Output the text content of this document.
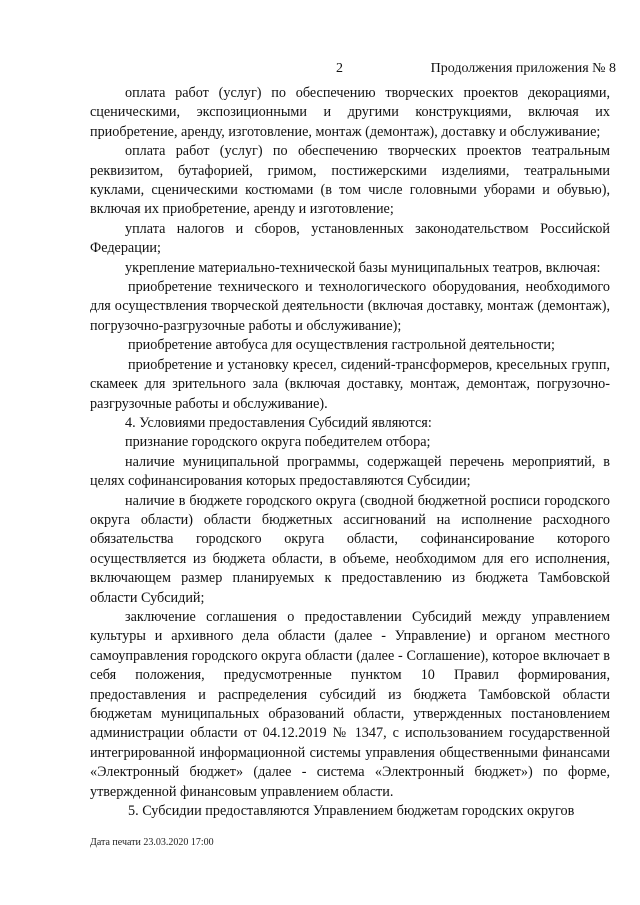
2	Продолжения приложения № 8

оплата работ (услуг) по обеспечению творческих проектов декорациями, сценическими, экспозиционными и другими конструкциями, включая их приобретение, аренду, изготовление, монтаж (демонтаж), доставку и обслуживание;

оплата работ (услуг) по обеспечению творческих проектов театральным реквизитом, бутафорией, гримом, постижерскими изделиями, театральными куклами, сценическими костюмами (в том числе головными уборами и обувью), включая их приобретение, аренду и изготовление;

уплата налогов и сборов, установленных законодательством Российской Федерации;

укрепление материально-технической базы муниципальных театров, включая:

приобретение технического и технологического оборудования, необходимого для осуществления творческой деятельности (включая доставку, монтаж (демонтаж), погрузочно-разгрузочные работы и обслуживание);

приобретение автобуса для осуществления гастрольной деятельности;

приобретение и установку кресел, сидений-трансформеров, кресельных групп, скамеек для зрительного зала (включая доставку, монтаж, демонтаж, погрузочно-разгрузочные работы и обслуживание).

4. Условиями предоставления Субсидий являются:

признание городского округа победителем отбора;

наличие муниципальной программы, содержащей перечень мероприятий, в целях софинансирования которых предоставляются Субсидии;

наличие в бюджете городского округа (сводной бюджетной росписи городского округа области) области бюджетных ассигнований на исполнение расходного обязательства городского округа области, софинансирование которого осуществляется из бюджета области, в объеме, необходимом для его исполнения, включающем размер планируемых к предоставлению из бюджета Тамбовской области Субсидий;

заключение соглашения о предоставлении Субсидий между управлением культуры и архивного дела области (далее - Управление) и органом местного самоуправления городского округа области (далее - Соглашение), которое включает в себя положения, предусмотренные пунктом 10 Правил формирования, предоставления и распределения субсидий из бюджета Тамбовской области бюджетам муниципальных образований области, утвержденных постановлением администрации области от 04.12.2019 № 1347, с использованием государственной интегрированной информационной системы управления общественными финансами «Электронный бюджет» (далее - система «Электронный бюджет») по форме, утвержденной финансовым управлением области.

5. Субсидии предоставляются Управлением бюджетам городских округов

Дата печати 23.03.2020 17:00
